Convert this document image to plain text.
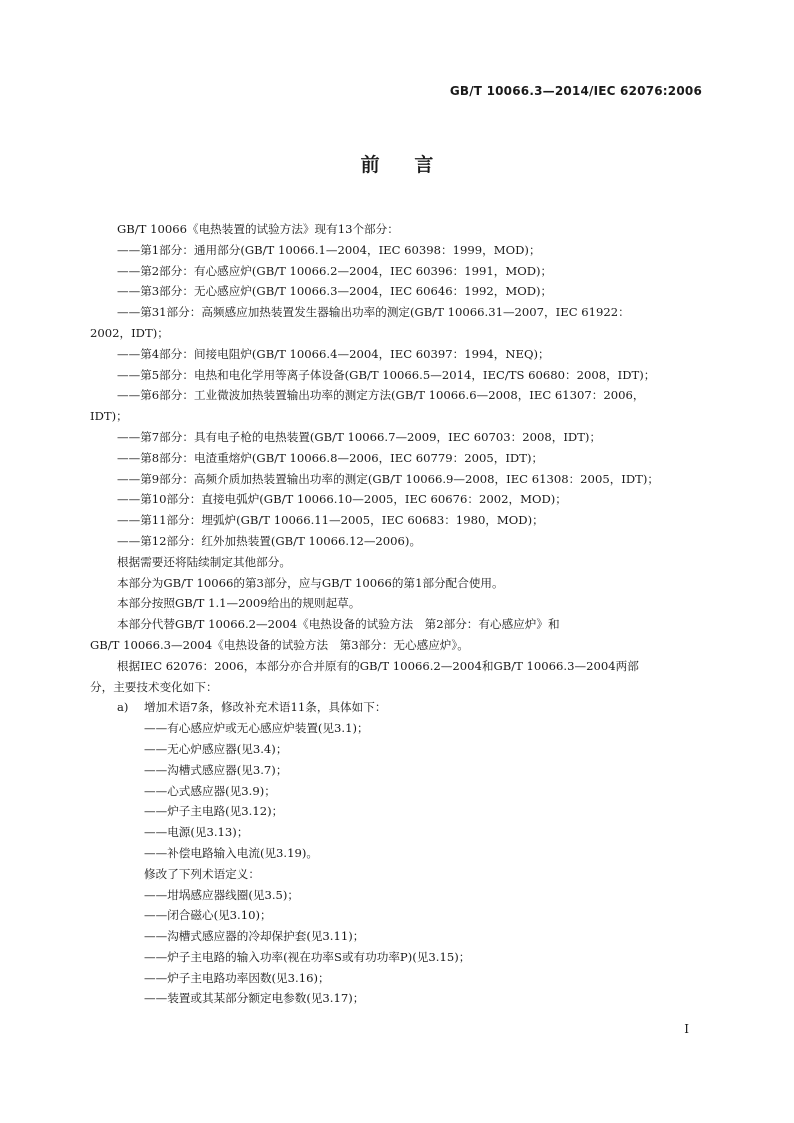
GB/T 10066.3—2014/IEC 62076:2006
前 言

GB/T 10066《电热装置的试验方法》现有13个部分：

——第1部分：通用部分(GB/T 10066.1—2004，IEC 60398：1999，MOD)；

——第2部分：有心感应炉(GB/T 10066.2—2004，IEC 60396：1991，MOD)；

——第3部分：无心感应炉(GB/T 10066.3—2004，IEC 60646：1992，MOD)；

——第31部分：高频感应加热装置发生器输出功率的测定(GB/T 10066.31—2007，IEC 61922：

2002，IDT)；

——第4部分：间接电阻炉(GB/T 10066.4—2004，IEC 60397：1994，NEQ)；

——第5部分：电热和电化学用等离子体设备(GB/T 10066.5—2014，IEC/TS 60680：2008，IDT)；

——第6部分：工业微波加热装置输出功率的测定方法(GB/T 10066.6—2008，IEC 61307：2006，

IDT)；

——第7部分：具有电子枪的电热装置(GB/T 10066.7—2009，IEC 60703：2008，IDT)；

——第8部分：电渣重熔炉(GB/T 10066.8—2006，IEC 60779：2005，IDT)；

——第9部分：高频介质加热装置输出功率的测定(GB/T 10066.9—2008，IEC 61308：2005，IDT)；

——第10部分：直接电弧炉(GB/T 10066.10—2005，IEC 60676：2002，MOD)；

——第11部分：埋弧炉(GB/T 10066.11—2005，IEC 60683：1980，MOD)；

——第12部分：红外加热装置(GB/T 10066.12—2006)。

根据需要还将陆续制定其他部分。

本部分为GB/T 10066的第3部分，应与GB/T 10066的第1部分配合使用。

本部分按照GB/T 1.1—2009给出的规则起草。

本部分代替GB/T 10066.2—2004《电热设备的试验方法　第2部分：有心感应炉》和

GB/T 10066.3—2004《电热设备的试验方法　第3部分：无心感应炉》。

根据IEC 62076：2006，本部分亦合并原有的GB/T 10066.2—2004和GB/T 10066.3—2004两部

分，主要技术变化如下：

a) 增加术语7条，修改补充术语11条，具体如下：

——有心感应炉或无心感应炉装置(见3.1)；

——无心炉感应器(见3.4)；

——沟槽式感应器(见3.7)；

——心式感应器(见3.9)；

——炉子主电路(见3.12)；

——电源(见3.13)；

——补偿电路输入电流(见3.19)。

修改了下列术语定义：

——坩埚感应器线圈(见3.5)；

——闭合磁心(见3.10)；

——沟槽式感应器的冷却保护套(见3.11)；

——炉子主电路的输入功率(视在功率S或有功功率P)(见3.15)；

——炉子主电路功率因数(见3.16)；

——装置或其某部分额定电参数(见3.17)；

I
